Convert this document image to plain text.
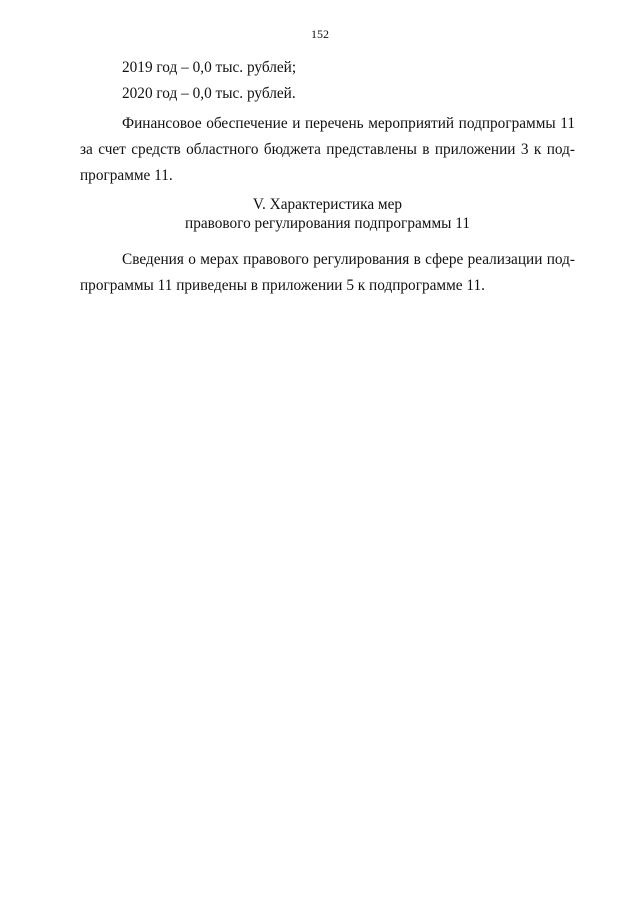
152

2019 год – 0,0 тыс. рублей;

2020 год – 0,0 тыс. рублей.

Финансовое обеспечение и перечень мероприятий подпрограммы 11
за счет средств областного бюджета представлены в приложении 3 к под-
программе 11.

V. Характеристика мер

правового регулирования подпрограммы 11

Сведения о мерах правового регулирования в сфере реализации под-
программы 11 приведены в приложении 5 к подпрограмме 11.
